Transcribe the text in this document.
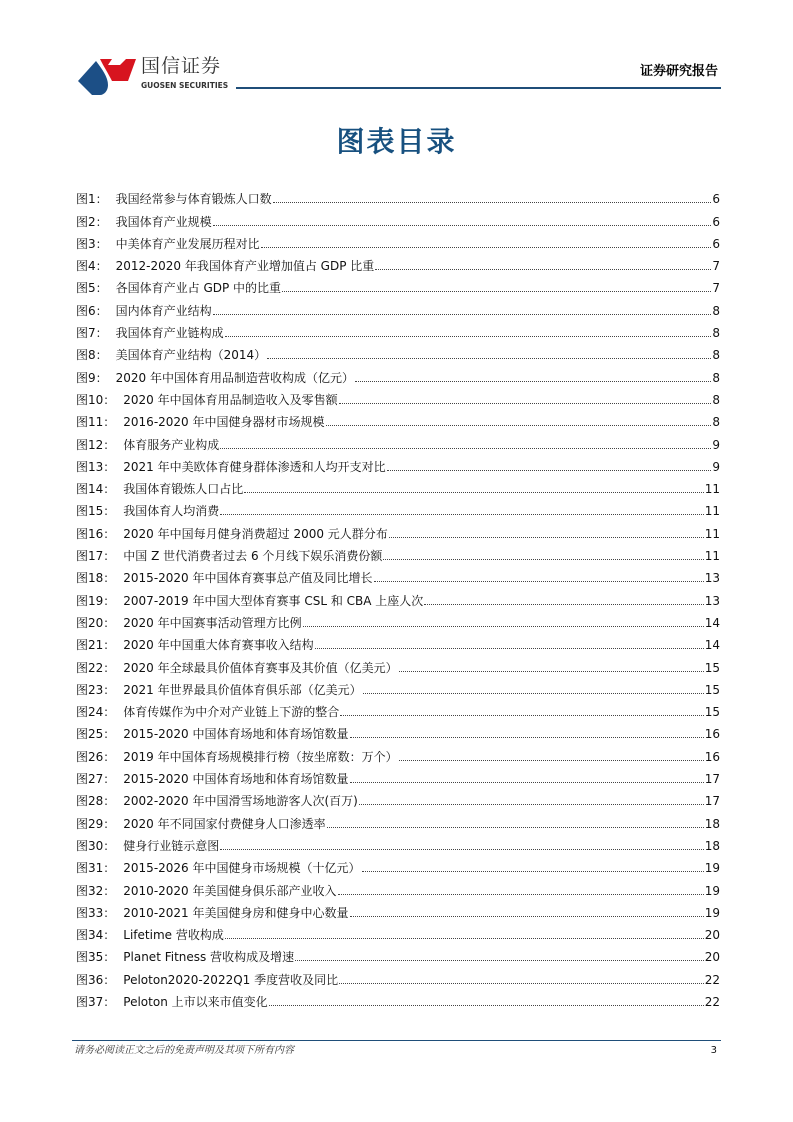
国信证券
GUOSEN SECURITIES
证券研究报告
图表目录
图1： 我国经常参与体育锻炼人口数	6
图2： 我国体育产业规模	6
图3： 中美体育产业发展历程对比	6
图4： 2012-2020 年我国体育产业增加值占 GDP 比重	7
图5： 各国体育产业占 GDP 中的比重	7
图6： 国内体育产业结构	8
图7： 我国体育产业链构成	8
图8： 美国体育产业结构（2014）	8
图9： 2020 年中国体育用品制造营收构成（亿元）	8
图10： 2020 年中国体育用品制造收入及零售额	8
图11： 2016-2020 年中国健身器材市场规模	8
图12： 体育服务产业构成	9
图13： 2021 年中美欧体育健身群体渗透和人均开支对比	9
图14： 我国体育锻炼人口占比	11
图15： 我国体育人均消费	11
图16： 2020 年中国每月健身消费超过 2000 元人群分布	11
图17： 中国 Z 世代消费者过去 6 个月线下娱乐消费份额	11
图18： 2015-2020 年中国体育赛事总产值及同比增长	13
图19： 2007-2019 年中国大型体育赛事 CSL 和 CBA 上座人次	13
图20： 2020 年中国赛事活动管理方比例	14
图21： 2020 年中国重大体育赛事收入结构	14
图22： 2020 年全球最具价值体育赛事及其价值（亿美元）	15
图23： 2021 年世界最具价值体育俱乐部（亿美元）	15
图24： 体育传媒作为中介对产业链上下游的整合	15
图25： 2015-2020 中国体育场地和体育场馆数量	16
图26： 2019 年中国体育场规模排行榜（按坐席数：万个）	16
图27： 2015-2020 中国体育场地和体育场馆数量	17
图28： 2002-2020 年中国滑雪场地游客人次(百万)	17
图29： 2020 年不同国家付费健身人口渗透率	18
图30： 健身行业链示意图	18
图31： 2015-2026 年中国健身市场规模（十亿元）	19
图32： 2010-2020 年美国健身俱乐部产业收入	19
图33： 2010-2021 年美国健身房和健身中心数量	19
图34： Lifetime 营收构成	20
图35： Planet Fitness 营收构成及增速	20
图36： Peloton2020-2022Q1 季度营收及同比	22
图37： Peloton 上市以来市值变化	22
请务必阅读正文之后的免责声明及其项下所有内容	3
